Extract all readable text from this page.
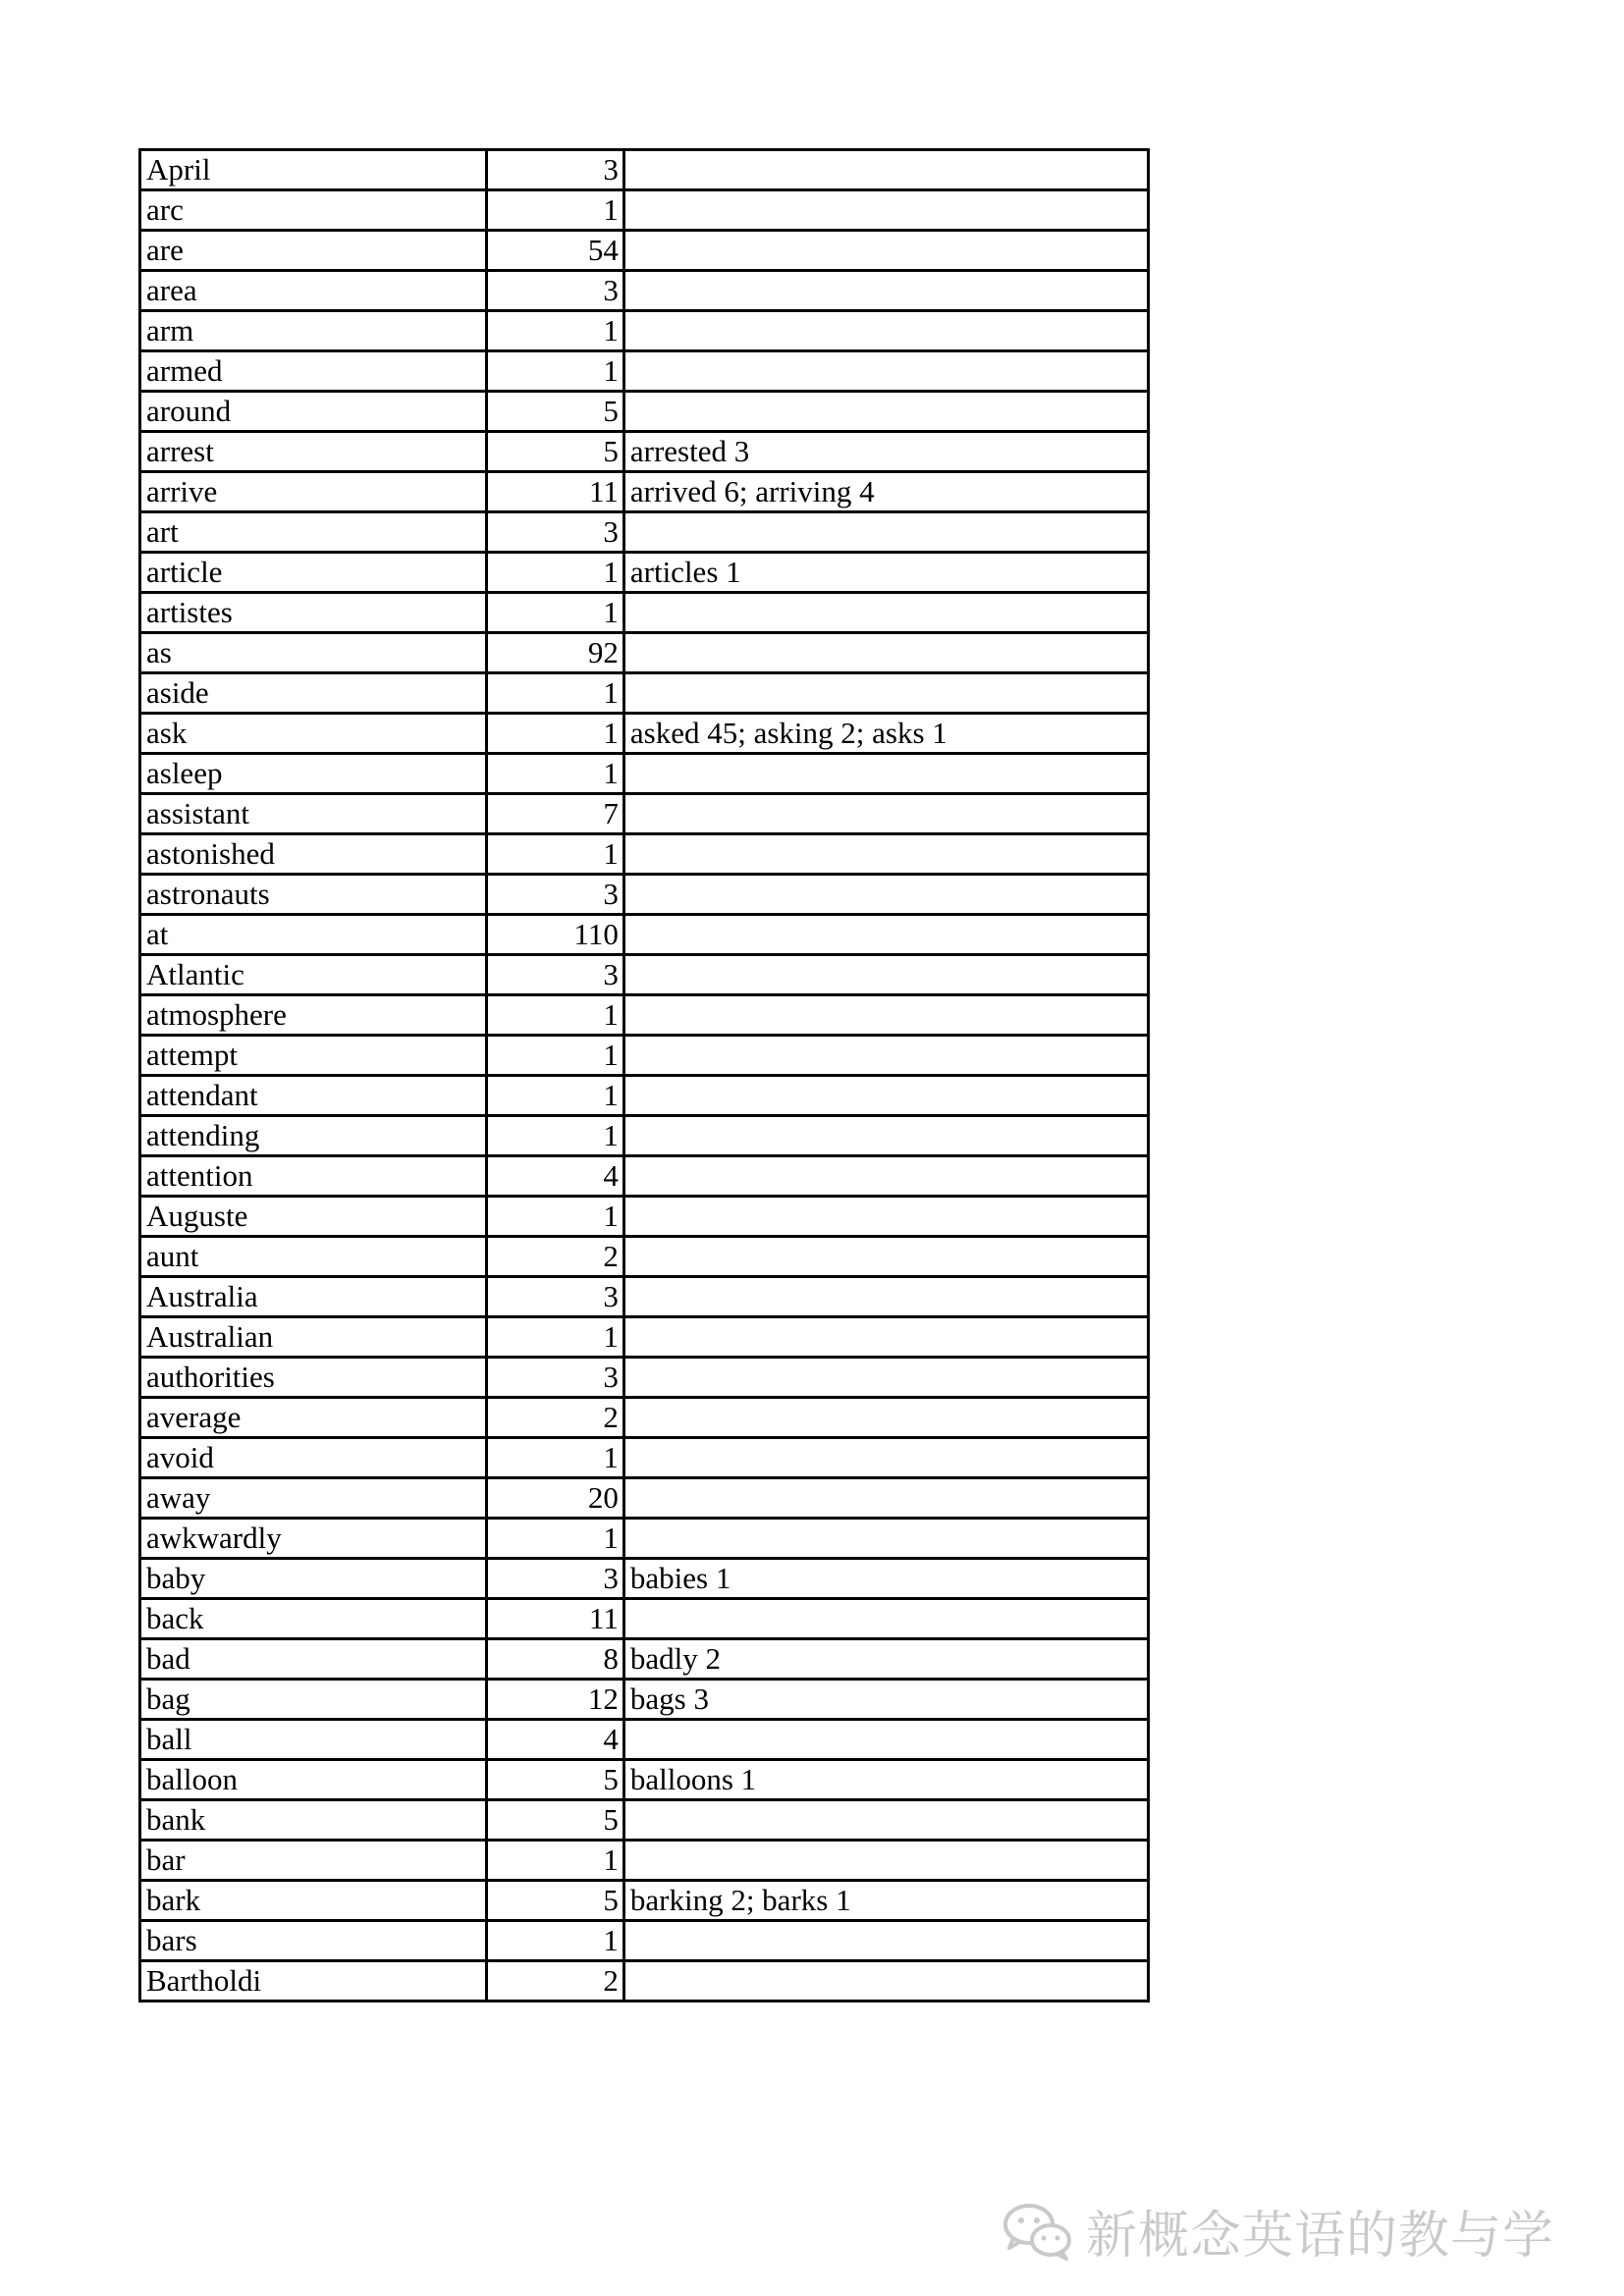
April	3	
arc	1	
are	54	
area	3	
arm	1	
armed	1	
around	5	
arrest	5	arrested 3
arrive	11	arrived 6; arriving 4
art	3	
article	1	articles 1
artistes	1	
as	92	
aside	1	
ask	1	asked 45; asking 2; asks 1
asleep	1	
assistant	7	
astonished	1	
astronauts	3	
at	110	
Atlantic	3	
atmosphere	1	
attempt	1	
attendant	1	
attending	1	
attention	4	
Auguste	1	
aunt	2	
Australia	3	
Australian	1	
authorities	3	
average	2	
avoid	1	
away	20	
awkwardly	1	
baby	3	babies 1
back	11	
bad	8	badly 2
bag	12	bags 3
ball	4	
balloon	5	balloons 1
bank	5	
bar	1	
bark	5	barking 2; barks 1
bars	1	
Bartholdi	2	
新概念英语的教与学
